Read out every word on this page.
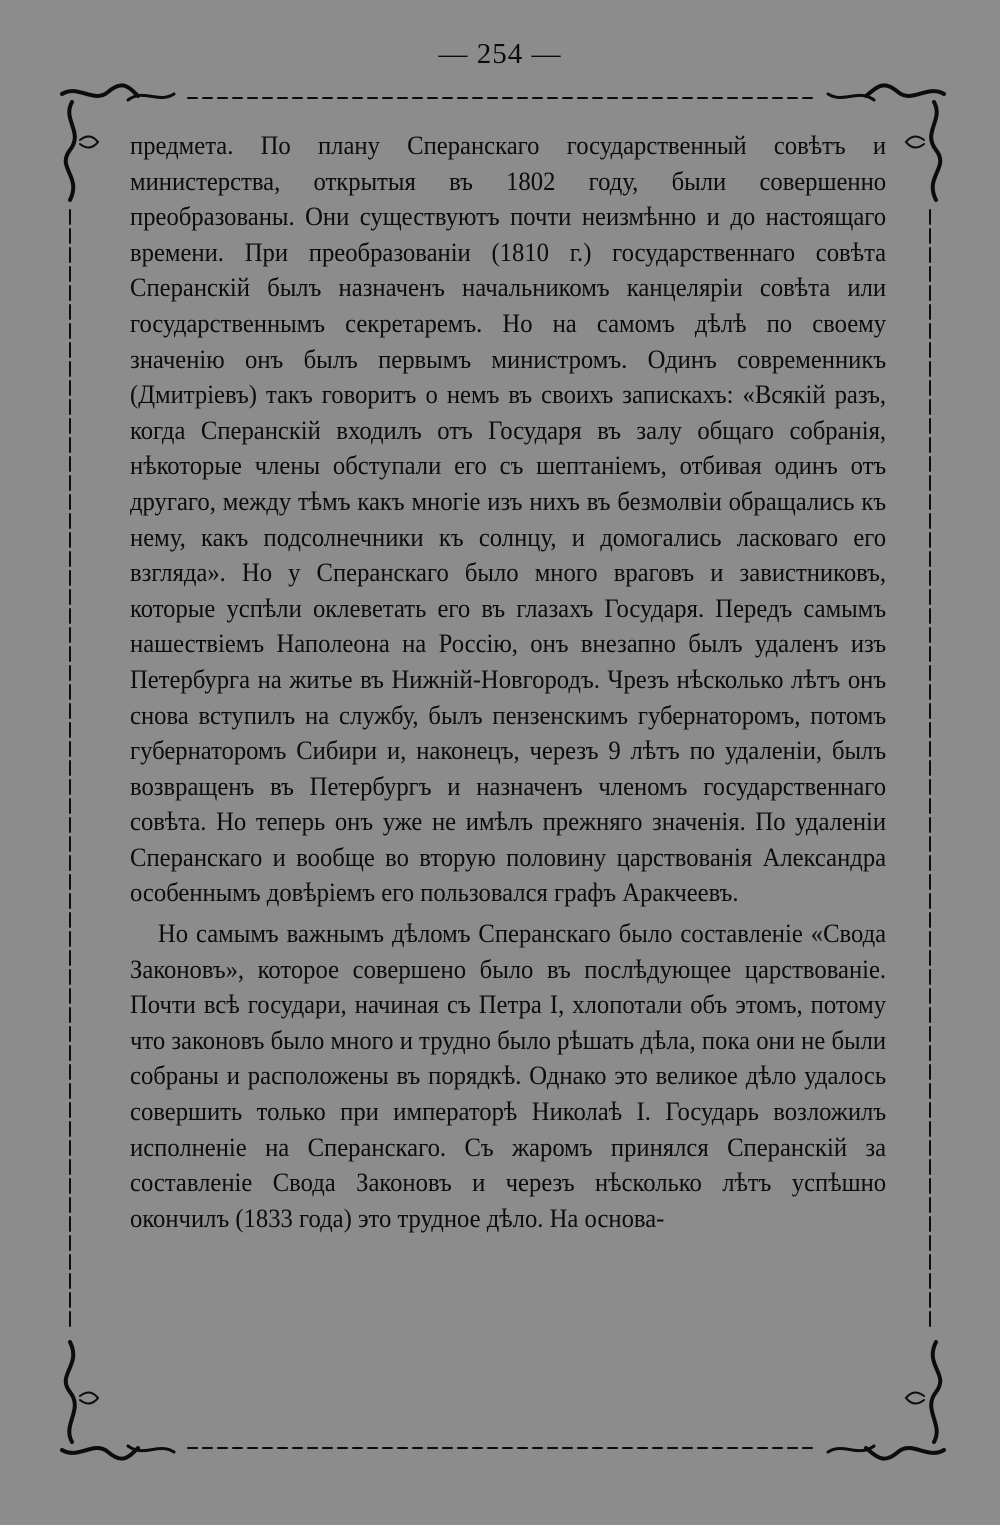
— 254 —

предмета. По плану Сперанскаго государственный совѣтъ и министерства, открытыя въ 1802 году, были совершенно преобразованы. Они существуютъ почти неизмѣнно и до настоящаго времени. При преобразованіи (1810 г.) государственнаго совѣта Сперанскій былъ назначенъ начальникомъ канцеляріи совѣта или государственнымъ секретаремъ. Но на самомъ дѣлѣ по своему значенію онъ былъ первымъ министромъ. Одинъ современникъ (Дмитріевъ) такъ говоритъ о немъ въ своихъ запискахъ: «Всякій разъ, когда Сперанскій входилъ отъ Государя въ залу общаго собранія, нѣкоторые члены обступали его съ шептаніемъ, отбивая одинъ отъ другаго, между тѣмъ какъ многіе изъ нихъ въ безмолвіи обращались къ нему, какъ подсолнечники къ солнцу, и домогались ласковаго его взгляда». Но у Сперанскаго было много враговъ и завистниковъ, которые успѣли оклеветать его въ глазахъ Государя. Передъ самымъ нашествіемъ Наполеона на Россію, онъ внезапно былъ удаленъ изъ Петербурга на житье въ Нижній-Новгородъ. Чрезъ нѣсколько лѣтъ онъ снова вступилъ на службу, былъ пензенскимъ губернаторомъ, потомъ губернаторомъ Сибири и, наконецъ, черезъ 9 лѣтъ по удаленіи, былъ возвращенъ въ Петербургъ и назначенъ членомъ государственнаго совѣта. Но теперь онъ уже не имѣлъ прежняго значенія. По удаленіи Сперанскаго и вообще во вторую половину царствованія Александра особеннымъ довѣріемъ его пользовался графъ Аракчеевъ.

Но самымъ важнымъ дѣломъ Сперанскаго было составленіе «Свода Законовъ», которое совершено было въ послѣдующее царствованіе. Почти всѣ государи, начиная съ Петра I, хлопотали объ этомъ, потому что законовъ было много и трудно было рѣшать дѣла, пока они не были собраны и расположены въ порядкѣ. Однако это великое дѣло удалось совершить только при императорѣ Николаѣ I. Государь возложилъ исполненіе на Сперанскаго. Съ жаромъ принялся Сперанскій за составленіе Свода Законовъ и черезъ нѣсколько лѣтъ успѣшно окончилъ (1833 года) это трудное дѣло. На основа-
